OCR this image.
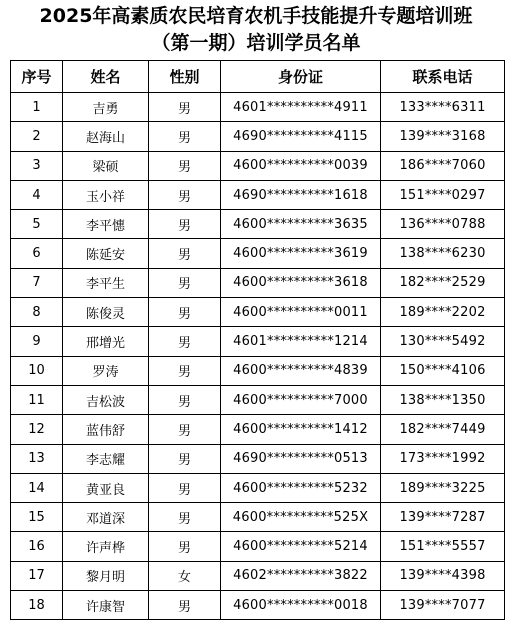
2025年高素质农民培育农机手技能提升专题培训班
（第一期）培训学员名单
序号	姓名	性别	身份证	联系电话
1	吉勇	男	4601**********4911	133****6311
2	赵海山	男	4690**********4115	139****3168
3	梁硕	男	4600**********0039	186****7060
4	玉小祥	男	4690**********1618	151****0297
5	李平憓	男	4600**********3635	136****0788
6	陈延安	男	4600**********3619	138****6230
7	李平生	男	4600**********3618	182****2529
8	陈俊灵	男	4600**********0011	189****2202
9	邢增光	男	4601**********1214	130****5492
10	罗涛	男	4600**********4839	150****4106
11	吉松波	男	4600**********7000	138****1350
12	蓝伟舒	男	4600**********1412	182****7449
13	李志耀	男	4690**********0513	173****1992
14	黄亚良	男	4600**********5232	189****3225
15	邓道深	男	4600**********525X	139****7287
16	许声桦	男	4600**********5214	151****5557
17	黎月明	女	4602**********3822	139****4398
18	许康智	男	4600**********0018	139****7077
